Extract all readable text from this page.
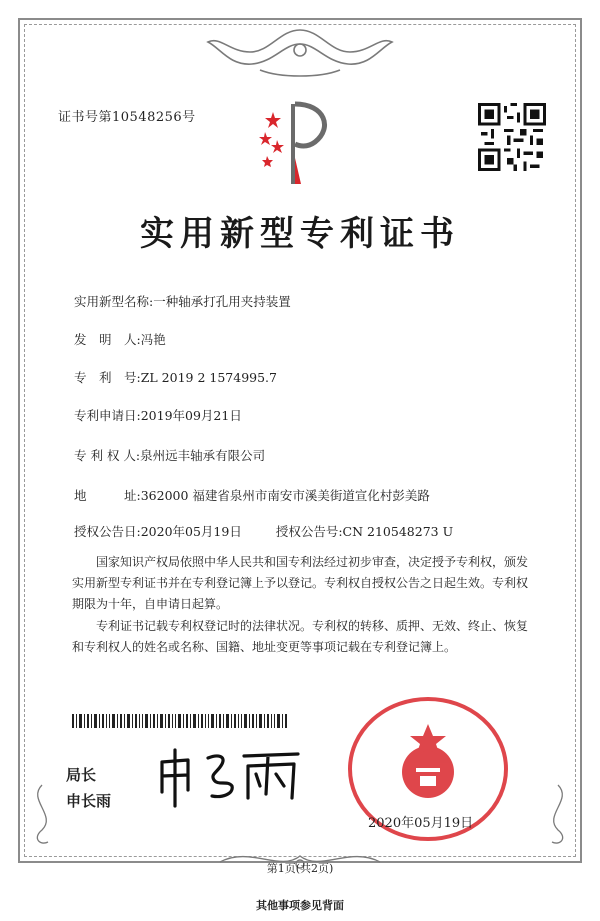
证书号第10548256号
实用新型专利证书
实用新型名称:一种轴承打孔用夹持装置
发　明　人:冯艳
专　利　号:ZL 2019 2 1574995.7
专利申请日:2019年09月21日
专 利 权 人:泉州远丰轴承有限公司
地　　　址:362000 福建省泉州市南安市溪美街道宣化村彭美路
授权公告日:2020年05月19日	授权公告号:CN 210548273 U
国家知识产权局依照中华人民共和国专利法经过初步审查，决定授予专利权，颁发实用新型专利证书并在专利登记簿上予以登记。专利权自授权公告之日起生效。专利权期限为十年，自申请日起算。
专利证书记载专利权登记时的法律状况。专利权的转移、质押、无效、终止、恢复和专利权人的姓名或名称、国籍、地址变更等事项记载在专利登记簿上。
局长
申长雨
2020年05月19日
第1页(共2页)
其他事项参见背面
